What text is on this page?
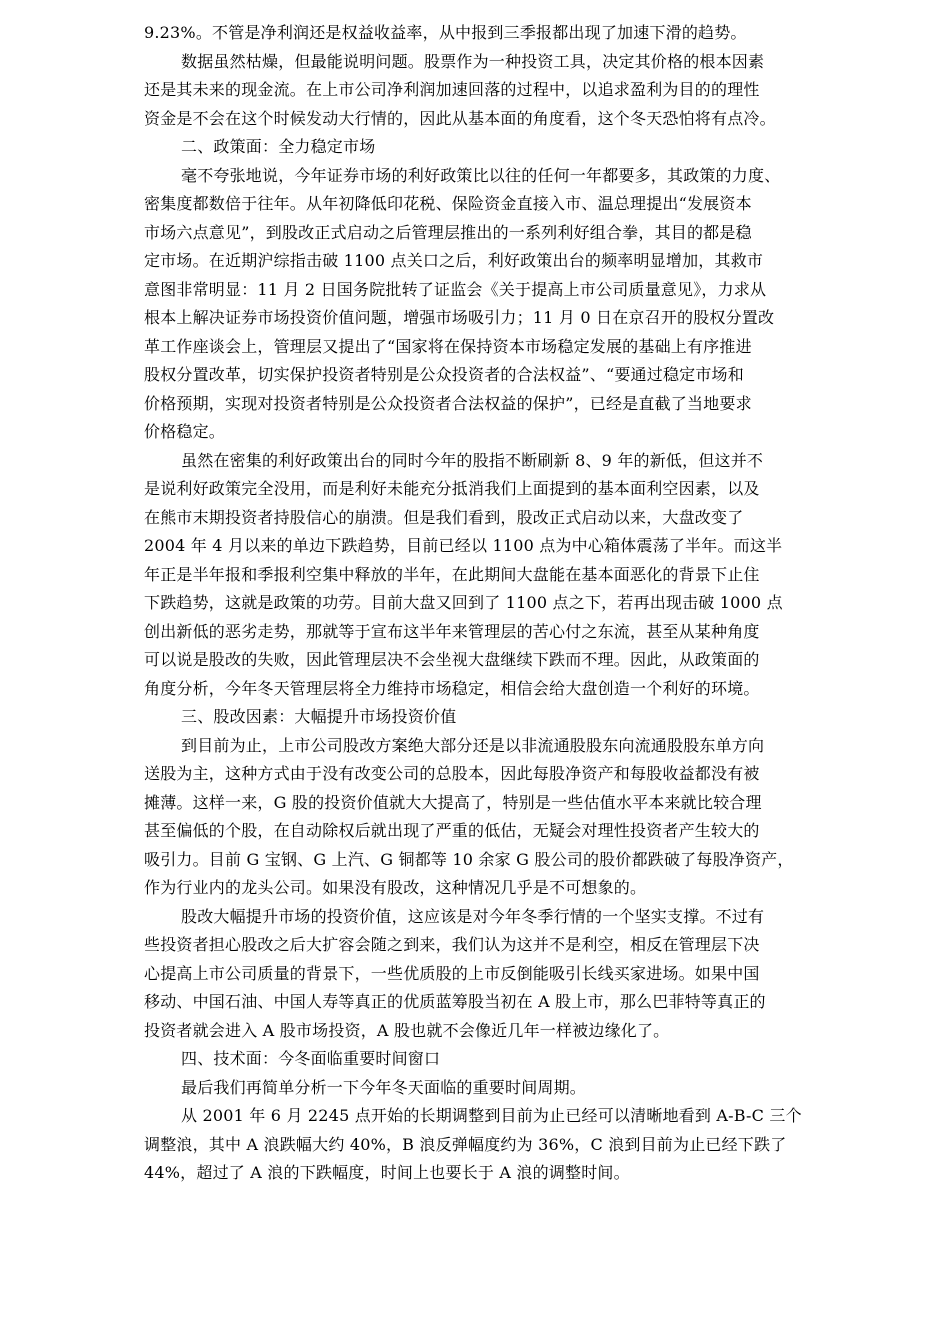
9.23%。不管是净利润还是权益收益率，从中报到三季报都出现了加速下滑的趋势。
数据虽然枯燥，但最能说明问题。股票作为一种投资工具，决定其价格的根本因素
还是其未来的现金流。在上市公司净利润加速回落的过程中，以追求盈利为目的的理性
资金是不会在这个时候发动大行情的，因此从基本面的角度看，这个冬天恐怕将有点冷。
二、政策面：全力稳定市场
毫不夸张地说，今年证券市场的利好政策比以往的任何一年都要多，其政策的力度、
密集度都数倍于往年。从年初降低印花税、保险资金直接入市、温总理提出“发展资本
市场六点意见”，到股改正式启动之后管理层推出的一系列利好组合拳，其目的都是稳
定市场。在近期沪综指击破 1100 点关口之后，利好政策出台的频率明显增加，其救市
意图非常明显：11 月 2 日国务院批转了证监会《关于提高上市公司质量意见》，力求从
根本上解决证券市场投资价值问题，增强市场吸引力；11 月 0 日在京召开的股权分置改
革工作座谈会上，管理层又提出了“国家将在保持资本市场稳定发展的基础上有序推进
股权分置改革，切实保护投资者特别是公众投资者的合法权益”、“要通过稳定市场和
价格预期，实现对投资者特别是公众投资者合法权益的保护”，已经是直截了当地要求
价格稳定。
虽然在密集的利好政策出台的同时今年的股指不断刷新 8、9 年的新低，但这并不
是说利好政策完全没用，而是利好未能充分抵消我们上面提到的基本面利空因素，以及
在熊市末期投资者持股信心的崩溃。但是我们看到，股改正式启动以来，大盘改变了
2004 年 4 月以来的单边下跌趋势，目前已经以 1100 点为中心箱体震荡了半年。而这半
年正是半年报和季报利空集中释放的半年，在此期间大盘能在基本面恶化的背景下止住
下跌趋势，这就是政策的功劳。目前大盘又回到了 1100 点之下，若再出现击破 1000 点
创出新低的恶劣走势，那就等于宣布这半年来管理层的苦心付之东流，甚至从某种角度
可以说是股改的失败，因此管理层决不会坐视大盘继续下跌而不理。因此，从政策面的
角度分析，今年冬天管理层将全力维持市场稳定，相信会给大盘创造一个利好的环境。
三、股改因素：大幅提升市场投资价值
到目前为止，上市公司股改方案绝大部分还是以非流通股股东向流通股股东单方向
送股为主，这种方式由于没有改变公司的总股本，因此每股净资产和每股收益都没有被
摊薄。这样一来，G 股的投资价值就大大提高了，特别是一些估值水平本来就比较合理
甚至偏低的个股，在自动除权后就出现了严重的低估，无疑会对理性投资者产生较大的
吸引力。目前 G 宝钢、G 上汽、G 铜都等 10 余家 G 股公司的股价都跌破了每股净资产，
作为行业内的龙头公司。如果没有股改，这种情况几乎是不可想象的。
股改大幅提升市场的投资价值，这应该是对今年冬季行情的一个坚实支撑。不过有
些投资者担心股改之后大扩容会随之到来，我们认为这并不是利空，相反在管理层下决
心提高上市公司质量的背景下，一些优质股的上市反倒能吸引长线买家进场。如果中国
移动、中国石油、中国人寿等真正的优质蓝筹股当初在 A 股上市，那么巴菲特等真正的
投资者就会进入 A 股市场投资，A 股也就不会像近几年一样被边缘化了。
四、技术面：今冬面临重要时间窗口
最后我们再简单分析一下今年冬天面临的重要时间周期。
从 2001 年 6 月 2245 点开始的长期调整到目前为止已经可以清晰地看到 A-B-C 三个
调整浪，其中 A 浪跌幅大约 40%，B 浪反弹幅度约为 36%，C 浪到目前为止已经下跌了
44%，超过了 A 浪的下跌幅度，时间上也要长于 A 浪的调整时间。
